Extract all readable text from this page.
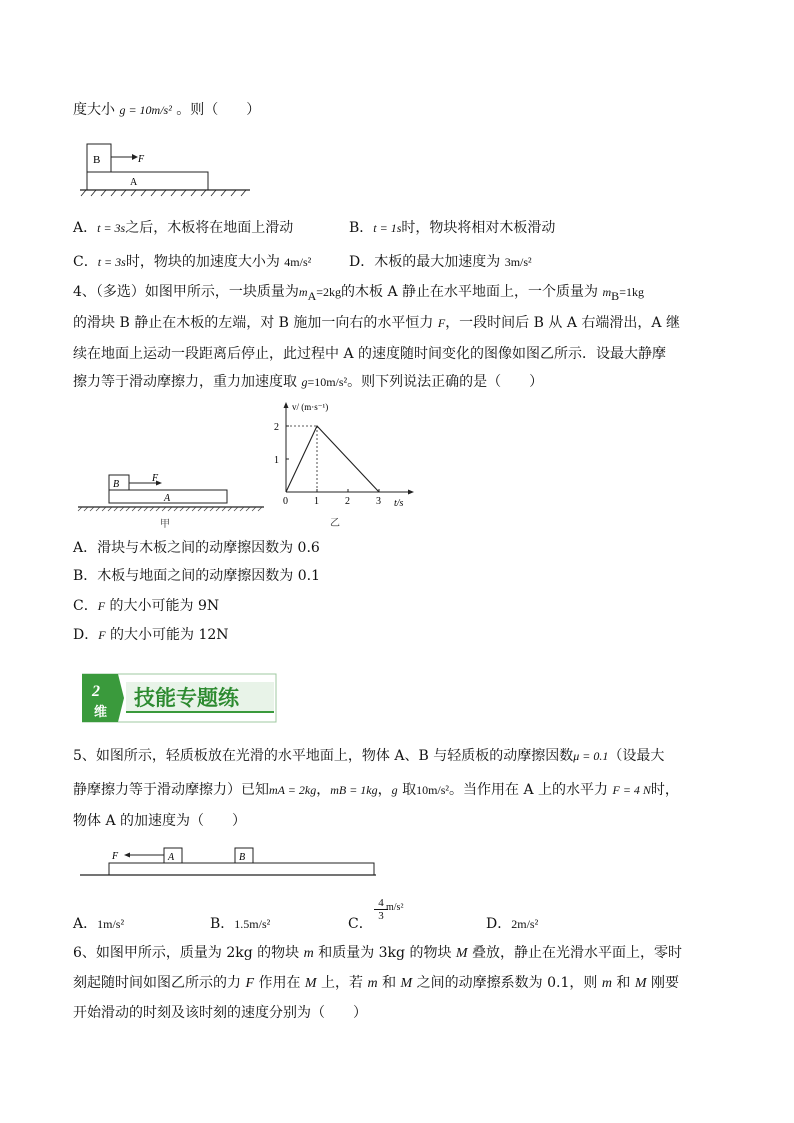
度大小 g = 10m/s² 。则（　　）
B	F
A
A．t = 3s之后，木板将在地面上滑动	B．t = 1s时，物块将相对木板滑动
C．t = 3s时，物块的加速度大小为 4m/s²	D．木板的最大加速度为 3m/s²
4、（多选）如图甲所示，一块质量为$m_A=2kg$的木板 A 静止在水平地面上，一个质量为 $m_B=1kg$
的滑块 B 静止在木板的左端，对 B 施加一向右的水平恒力 F，一段时间后 B 从 A 右端滑出，A 继
续在地面上运动一段距离后停止，此过程中 A 的速度随时间变化的图像如图乙所示．设最大静摩
擦力等于滑动摩擦力，重力加速度取 g=10m/s²。则下列说法正确的是（　　）
B
F
A
甲
v/ (m·s⁻¹)
t/s
0	1	2	3
1
2
乙
A．滑块与木板之间的动摩擦因数为 0.6
B．木板与地面之间的动摩擦因数为 0.1
C．F 的大小可能为 9N
D．F 的大小可能为 12N
2
维
技能专题练
5、如图所示，轻质板放在光滑的水平地面上，物体 A、B 与轻质板的动摩擦因数μ = 0.1（设最大
静摩擦力等于滑动摩擦力）已知mA = 2kg，mB = 1kg，g 取10m/s²。当作用在 A 上的水平力 F = 4 N时，
物体 A 的加速度为（　　）
F	A	B
A．1m/s²	B．1.5m/s²	C．
$\frac{4}{3}$
m/s²
D．2m/s²
6、如图甲所示，质量为 2kg 的物块 m 和质量为 3kg 的物块 M 叠放，静止在光滑水平面上，零时
刻起随时间如图乙所示的力 F 作用在 M 上，若 m 和 M 之间的动摩擦系数为 0.1，则 m 和 M 刚要
开始滑动的时刻及该时刻的速度分别为（　　）
